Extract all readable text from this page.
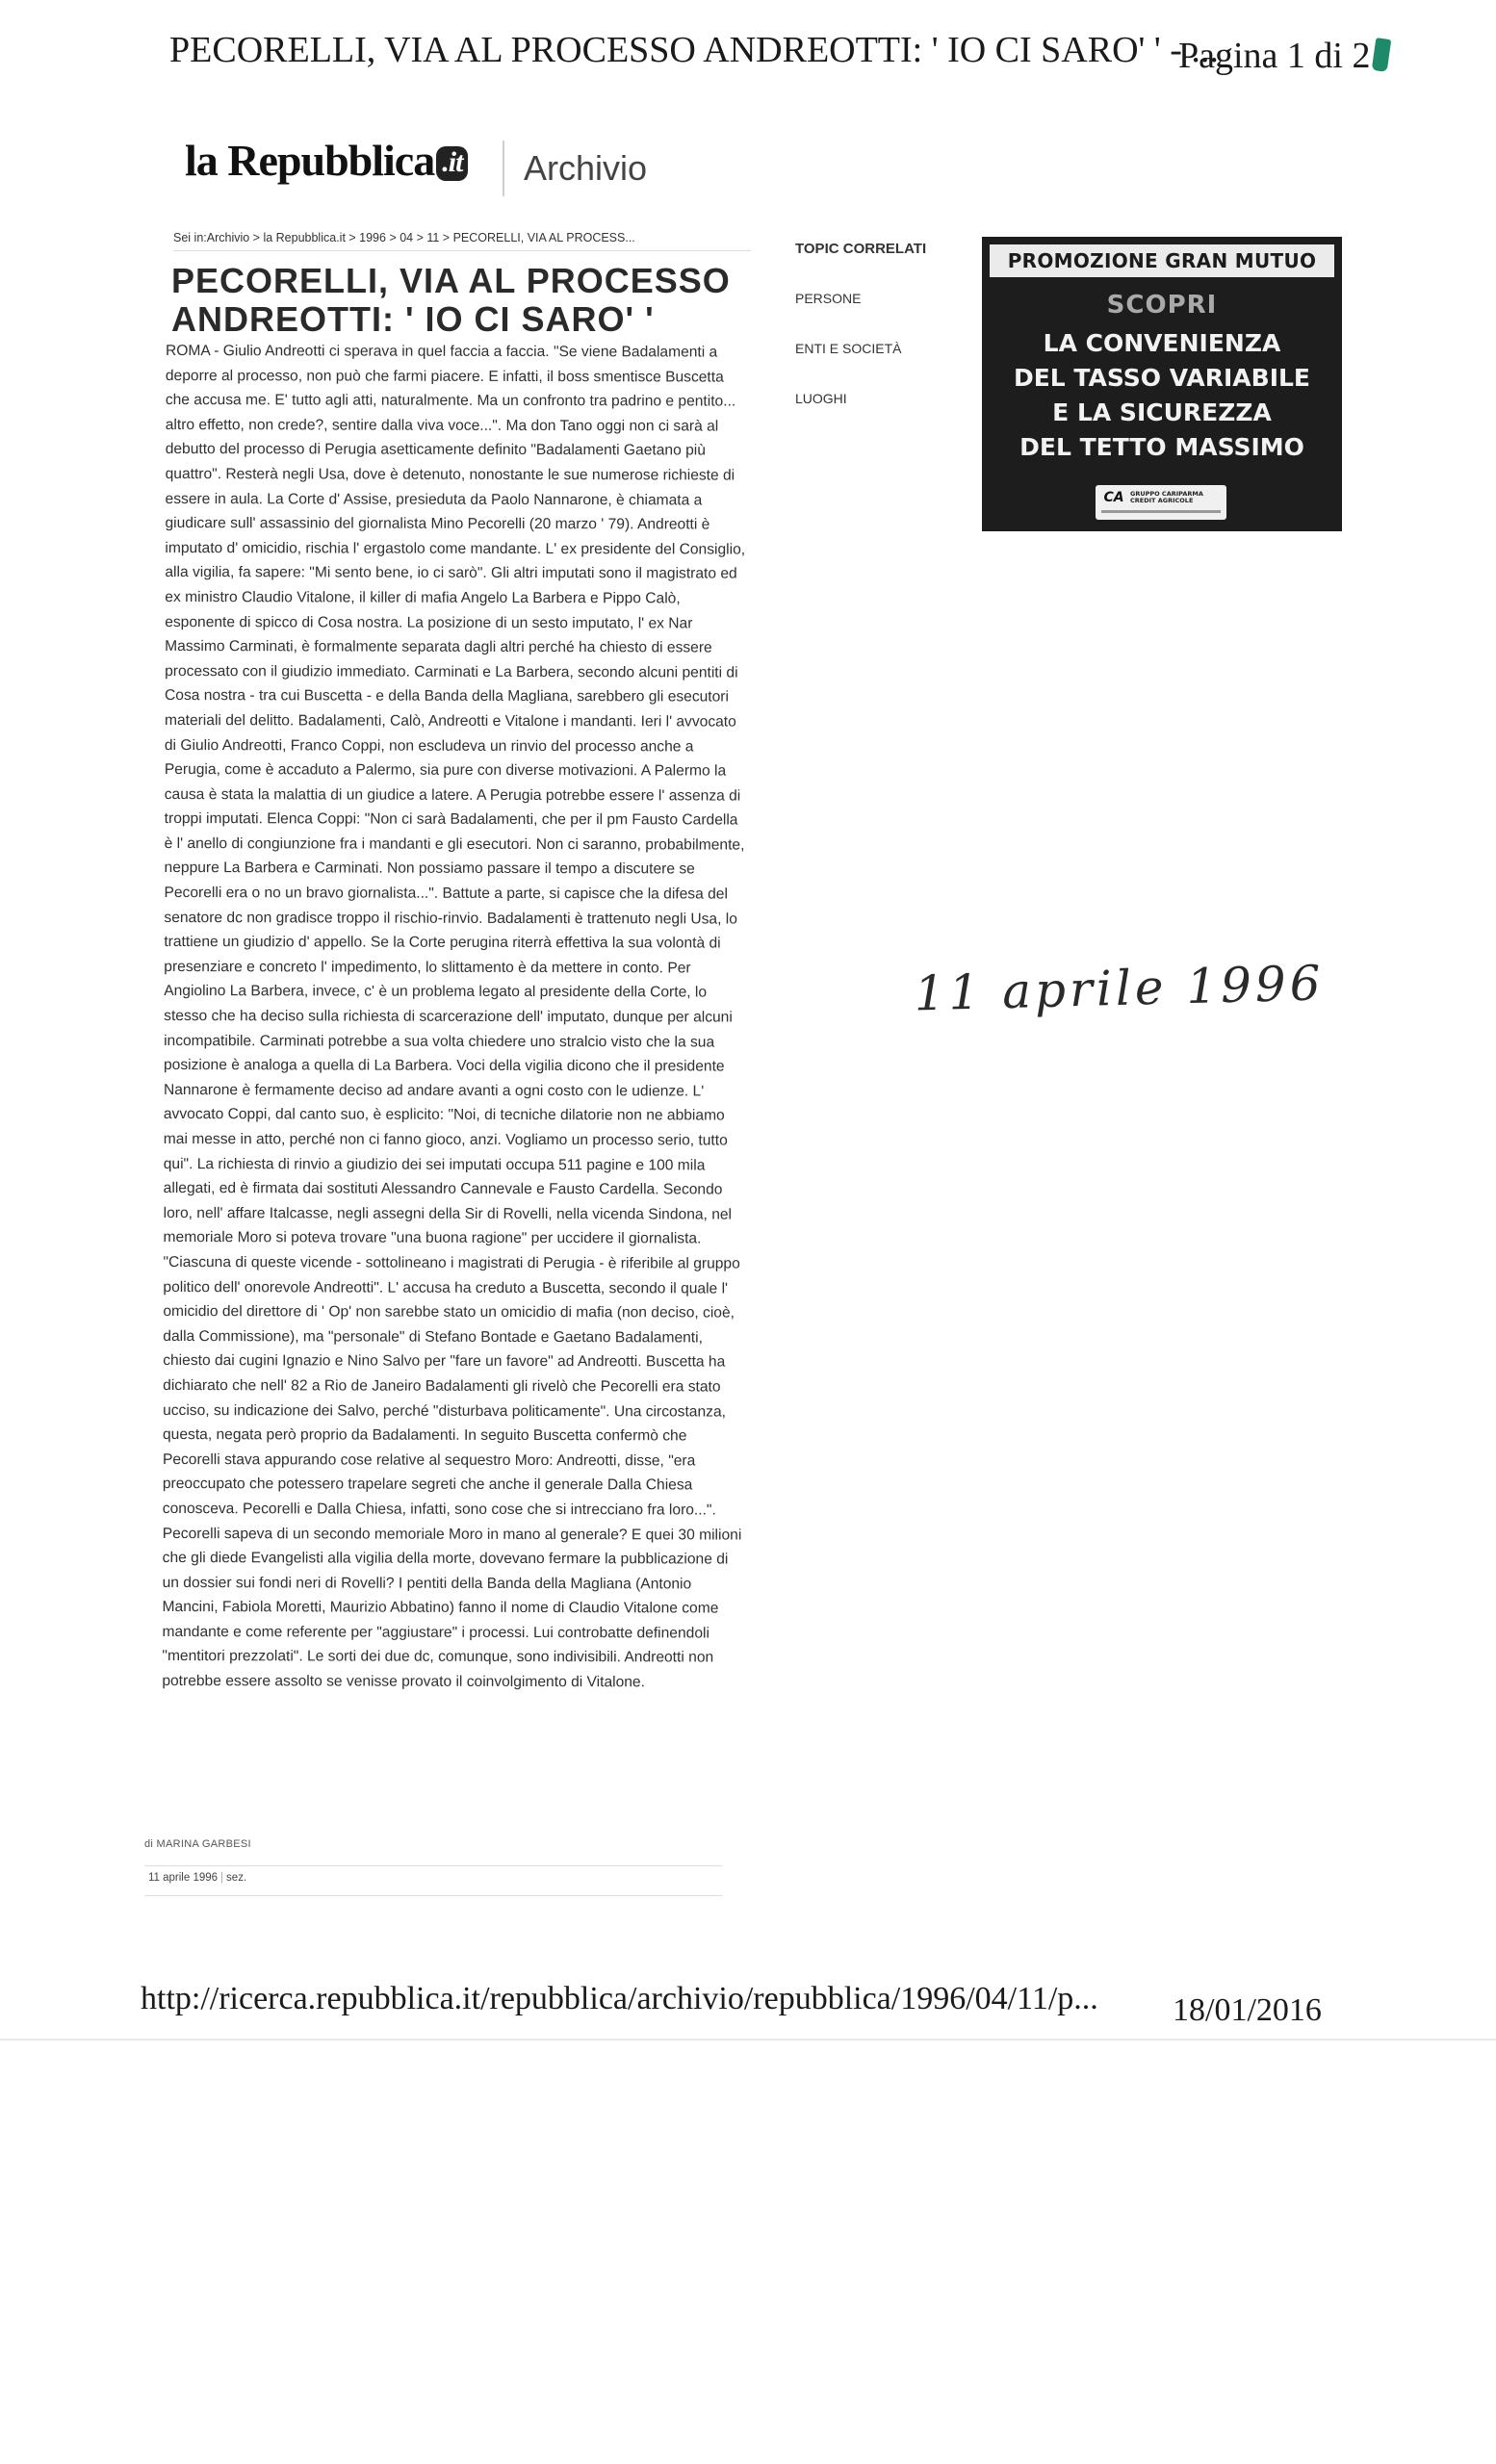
PECORELLI, VIA AL PROCESSO ANDREOTTI: ' IO CI SARO' ' - ...
Pagina 1 di 2
la Repubblica .it Archivio
Sei in:Archivio > la Repubblica.it > 1996 > 04 > 11 > PECORELLI, VIA AL PROCESS...
PECORELLI, VIA AL PROCESSO ANDREOTTI: ' IO CI SARO' '
ROMA - Giulio Andreotti ci sperava in quel faccia a faccia. "Se viene Badalamenti a deporre al processo, non può che farmi piacere. E infatti, il boss smentisce Buscetta che accusa me. E' tutto agli atti, naturalmente. Ma un confronto tra padrino e pentito... altro effetto, non crede?, sentire dalla viva voce...". Ma don Tano oggi non ci sarà al debutto del processo di Perugia asetticamente definito "Badalamenti Gaetano più quattro". Resterà negli Usa, dove è detenuto, nonostante le sue numerose richieste di essere in aula. La Corte d' Assise, presieduta da Paolo Nannarone, è chiamata a giudicare sull' assassinio del giornalista Mino Pecorelli (20 marzo ' 79). Andreotti è imputato d' omicidio, rischia l' ergastolo come mandante. L' ex presidente del Consiglio, alla vigilia, fa sapere: "Mi sento bene, io ci sarò". Gli altri imputati sono il magistrato ed ex ministro Claudio Vitalone, il killer di mafia Angelo La Barbera e Pippo Calò, esponente di spicco di Cosa nostra. La posizione di un sesto imputato, l' ex Nar Massimo Carminati, è formalmente separata dagli altri perché ha chiesto di essere processato con il giudizio immediato. Carminati e La Barbera, secondo alcuni pentiti di Cosa nostra - tra cui Buscetta - e della Banda della Magliana, sarebbero gli esecutori materiali del delitto. Badalamenti, Calò, Andreotti e Vitalone i mandanti. Ieri l' avvocato di Giulio Andreotti, Franco Coppi, non escludeva un rinvio del processo anche a Perugia, come è accaduto a Palermo, sia pure con diverse motivazioni. A Palermo la causa è stata la malattia di un giudice a latere. A Perugia potrebbe essere l' assenza di troppi imputati. Elenca Coppi: "Non ci sarà Badalamenti, che per il pm Fausto Cardella è l' anello di congiunzione fra i mandanti e gli esecutori. Non ci saranno, probabilmente, neppure La Barbera e Carminati. Non possiamo passare il tempo a discutere se Pecorelli era o no un bravo giornalista...". Battute a parte, si capisce che la difesa del senatore dc non gradisce troppo il rischio-rinvio. Badalamenti è trattenuto negli Usa, lo trattiene un giudizio d' appello. Se la Corte perugina riterrà effettiva la sua volontà di presenziare e concreto l' impedimento, lo slittamento è da mettere in conto. Per Angiolino La Barbera, invece, c' è un problema legato al presidente della Corte, lo stesso che ha deciso sulla richiesta di scarcerazione dell' imputato, dunque per alcuni incompatibile. Carminati potrebbe a sua volta chiedere uno stralcio visto che la sua posizione è analoga a quella di La Barbera. Voci della vigilia dicono che il presidente Nannarone è fermamente deciso ad andare avanti a ogni costo con le udienze. L' avvocato Coppi, dal canto suo, è esplicito: "Noi, di tecniche dilatorie non ne abbiamo mai messe in atto, perché non ci fanno gioco, anzi. Vogliamo un processo serio, tutto qui". La richiesta di rinvio a giudizio dei sei imputati occupa 511 pagine e 100 mila allegati, ed è firmata dai sostituti Alessandro Cannevale e Fausto Cardella. Secondo loro, nell' affare Italcasse, negli assegni della Sir di Rovelli, nella vicenda Sindona, nel memoriale Moro si poteva trovare "una buona ragione" per uccidere il giornalista. "Ciascuna di queste vicende - sottolineano i magistrati di Perugia - è riferibile al gruppo politico dell' onorevole Andreotti". L' accusa ha creduto a Buscetta, secondo il quale l' omicidio del direttore di ' Op' non sarebbe stato un omicidio di mafia (non deciso, cioè, dalla Commissione), ma "personale" di Stefano Bontade e Gaetano Badalamenti, chiesto dai cugini Ignazio e Nino Salvo per "fare un favore" ad Andreotti. Buscetta ha dichiarato che nell' 82 a Rio de Janeiro Badalamenti gli rivelò che Pecorelli era stato ucciso, su indicazione dei Salvo, perché "disturbava politicamente". Una circostanza, questa, negata però proprio da Badalamenti. In seguito Buscetta confermò che Pecorelli stava appurando cose relative al sequestro Moro: Andreotti, disse, "era preoccupato che potessero trapelare segreti che anche il generale Dalla Chiesa conosceva. Pecorelli e Dalla Chiesa, infatti, sono cose che si intrecciano fra loro...". Pecorelli sapeva di un secondo memoriale Moro in mano al generale? E quei 30 milioni che gli diede Evangelisti alla vigilia della morte, dovevano fermare la pubblicazione di un dossier sui fondi neri di Rovelli? I pentiti della Banda della Magliana (Antonio Mancini, Fabiola Moretti, Maurizio Abbatino) fanno il nome di Claudio Vitalone come mandante e come referente per "aggiustare" i processi. Lui controbatte definendoli "mentitori prezzolati". Le sorti dei due dc, comunque, sono indivisibili. Andreotti non potrebbe essere assolto se venisse provato il coinvolgimento di Vitalone.
di MARINA GARBESI
11 aprile 1996 | sez.
TOPIC CORRELATI
PERSONE
ENTI E SOCIETÀ
LUOGHI
PROMOZIONE GRAN MUTUO
SCOPRI
LA CONVENIENZA
DEL TASSO VARIABILE
E LA SICUREZZA
DEL TETTO MASSIMO
CA GRUPPO CARIPARMA CREDIT AGRICOLE
11 aprile 1996
http://ricerca.repubblica.it/repubblica/archivio/repubblica/1996/04/11/p... 18/01/2016
